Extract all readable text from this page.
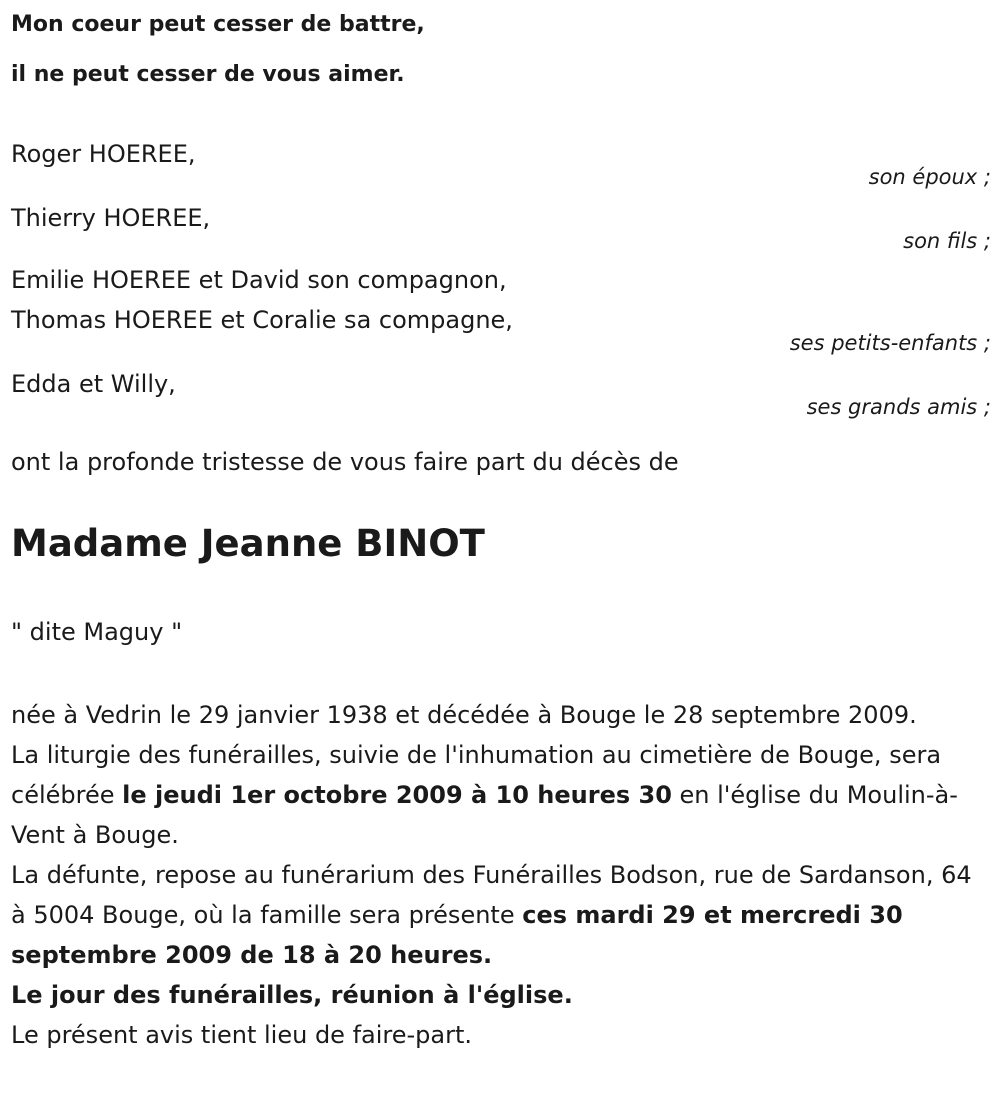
Mon coeur peut cesser de battre,
il ne peut cesser de vous aimer.
Roger HOEREE,
son époux ;
Thierry HOEREE,
son fils ;
Emilie HOEREE et David son compagnon,
Thomas HOEREE et Coralie sa compagne,
ses petits-enfants ;
Edda et Willy,
ses grands amis ;
ont la profonde tristesse de vous faire part du décès de
Madame Jeanne BINOT
" dite Maguy "

née à Vedrin le 29 janvier 1938 et décédée à Bouge le 28 septembre 2009.

La liturgie des funérailles, suivie de l'inhumation au cimetière de Bouge, sera célébrée le jeudi 1er octobre 2009 à 10 heures 30 en l'église du Moulin-à-Vent à Bouge.

La défunte, repose au funérarium des Funérailles Bodson, rue de Sardanson, 64 à 5004 Bouge, où la famille sera présente ces mardi 29 et mercredi 30 septembre 2009 de 18 à 20 heures.

Le jour des funérailles, réunion à l'église.

Le présent avis tient lieu de faire-part.
